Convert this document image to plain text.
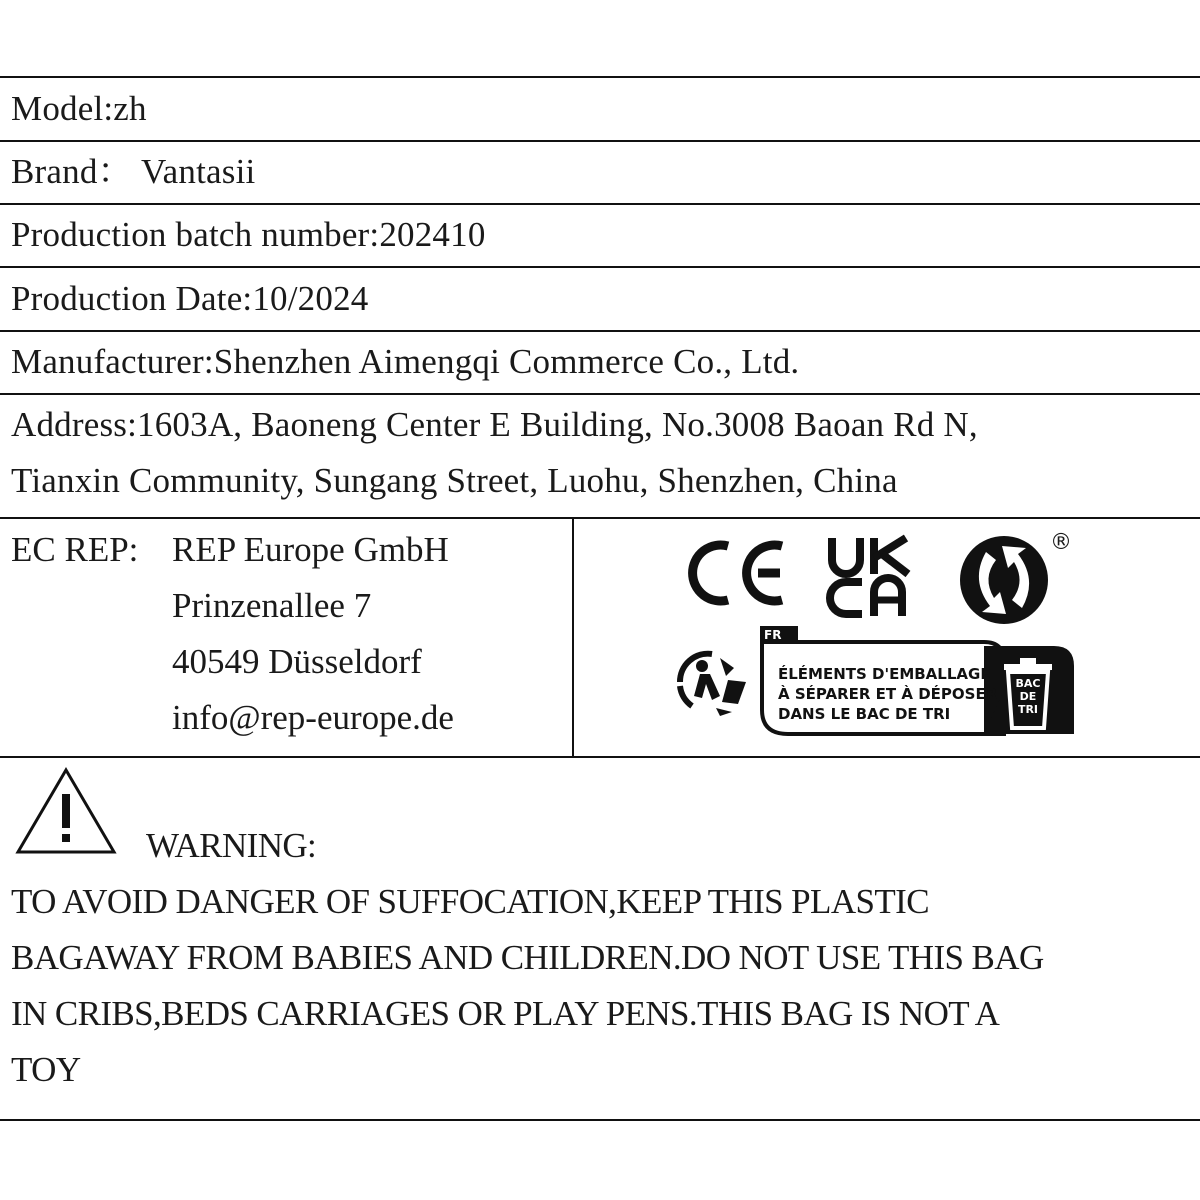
Model:zh
Brand： Vantasii
Production batch number:202410
Production Date:10/2024
Manufacturer:Shenzhen Aimengqi Commerce Co., Ltd.
Address:1603A, Baoneng Center E Building, No.3008 Baoan Rd N,
Tianxin Community, Sungang Street, Luohu, Shenzhen, China
EC REP: REP Europe GmbH
Prinzenallee 7
40549 Düsseldorf
info@rep-europe.de
®
FR
ÉLÉMENTS D'EMBALLAGE
À SÉPARER ET À DÉPOSER
DANS LE BAC DE TRI
BAC
DE
TRI
WARNING:
TO AVOID DANGER OF SUFFOCATION,KEEP THIS PLASTIC
BAGAWAY FROM BABIES AND CHILDREN.DO NOT USE THIS BAG
IN CRIBS,BEDS CARRIAGES OR PLAY PENS.THIS BAG IS NOT A
TOY
